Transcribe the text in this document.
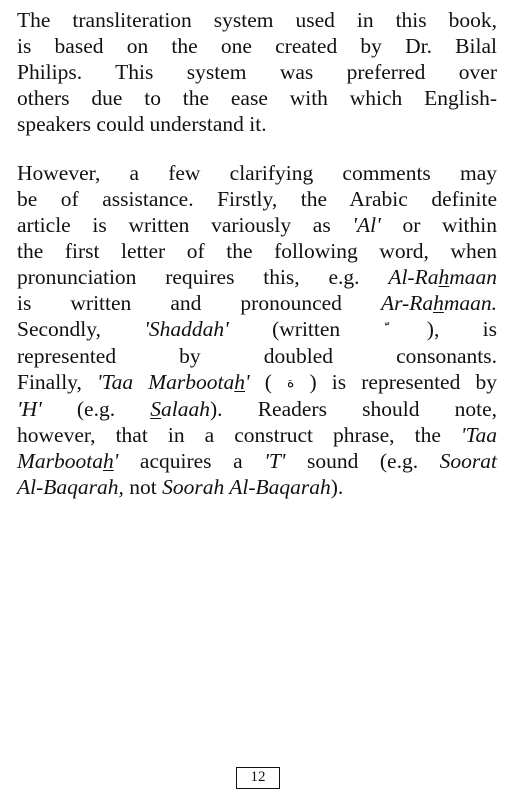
The transliteration system used in this book,
is based on the one created by Dr. Bilal
Philips. This system was preferred over
others due to the ease with which English-
speakers could understand it.
However, a few clarifying comments may
be of assistance. Firstly, the Arabic definite
article is written variously as 'Al' or within
the first letter of the following word, when
pronunciation requires this, e.g. Al-Rahmaan
is written and pronounced Ar-Rahmaan.
Secondly, 'Shaddah' (written ), is
represented by doubled consonants.
Finally, 'Taa Marbootah' ( ة ) is represented by
'H' (e.g. Salaah). Readers should note,
however, that in a construct phrase, the 'Taa
Marbootah' acquires a 'T' sound (e.g. Soorat
Al-Baqarah, not Soorah Al-Baqarah).
12
